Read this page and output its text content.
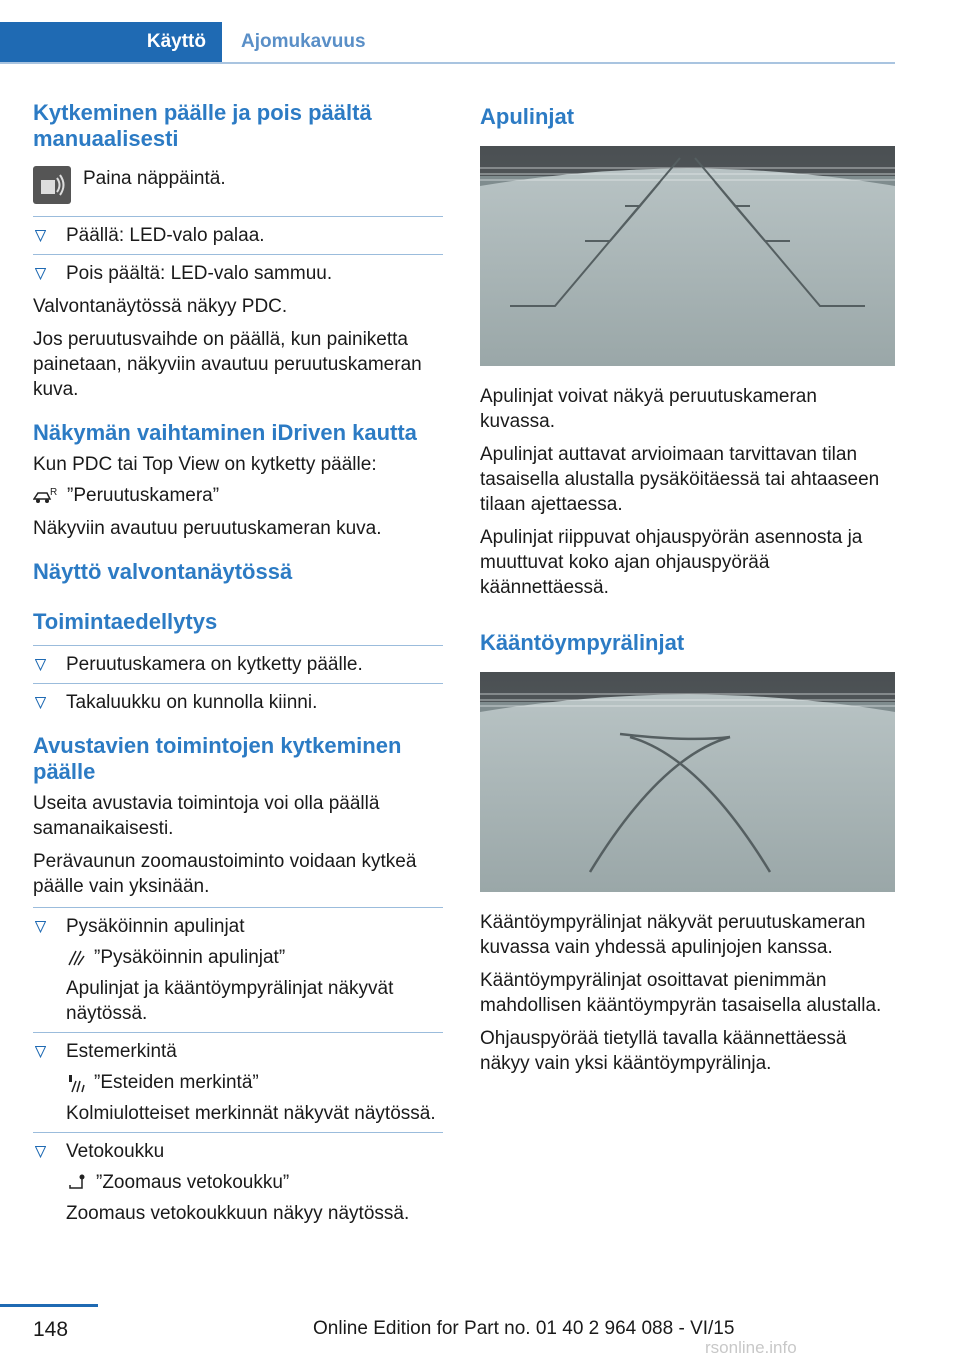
Käyttö	Ajomukavuus
Kytkeminen päälle ja pois päältä manuaalisesti
Paina näppäintä.
Päällä: LED-valo palaa.
Pois päältä: LED-valo sammuu.

Valvontanäytössä näkyy PDC.

Jos peruutusvaihde on päällä, kun painiketta painetaan, näkyviin avautuu peruutuskameran kuva.

Näkymän vaihtaminen iDriven kautta

Kun PDC tai Top View on kytketty päälle:

R ”Peruutuskamera”

Näkyviin avautuu peruutuskameran kuva.

Näyttö valvontanäytössä
Toimintaedellytys
Peruutuskamera on kytketty päälle.
Takaluukku on kunnolla kiinni.
Avustavien toimintojen kytkeminen päälle

Useita avustavia toimintoja voi olla päällä samanaikaisesti.

Perävaunun zoomaustoiminto voidaan kytkeä päälle vain yksinään.

Pysäköinnin apulinjat
”Pysäköinnin apulinjat”

Apulinjat ja kääntöympyrälinjat näkyvät näytössä.

Estemerkintä
”Esteiden merkintä”

Kolmiulotteiset merkinnät näkyvät näytössä.

Vetokoukku
”Zoomaus vetokoukku”

Zoomaus vetokoukkuun näkyy näytössä.

Apulinjat

Apulinjat voivat näkyä peruutuskameran kuvassa.

Apulinjat auttavat arvioimaan tarvittavan tilan tasaisella alustalla pysäköitäessä tai ahtaaseen tilaan ajettaessa.

Apulinjat riippuvat ohjauspyörän asennosta ja muuttuvat koko ajan ohjauspyörää käännettäessä.

Kääntöympyrälinjat

Kääntöympyrälinjat näkyvät peruutuskameran kuvassa vain yhdessä apulinjojen kanssa.

Kääntöympyrälinjat osoittavat pienimmän mahdollisen kääntöympyrän tasaisella alustalla.

Ohjauspyörää tietyllä tavalla käännettäessä näkyy vain yksi kääntöympyrälinja.

148	Online Edition for Part no. 01 40 2 964 088 - VI/15
rsonline.info
